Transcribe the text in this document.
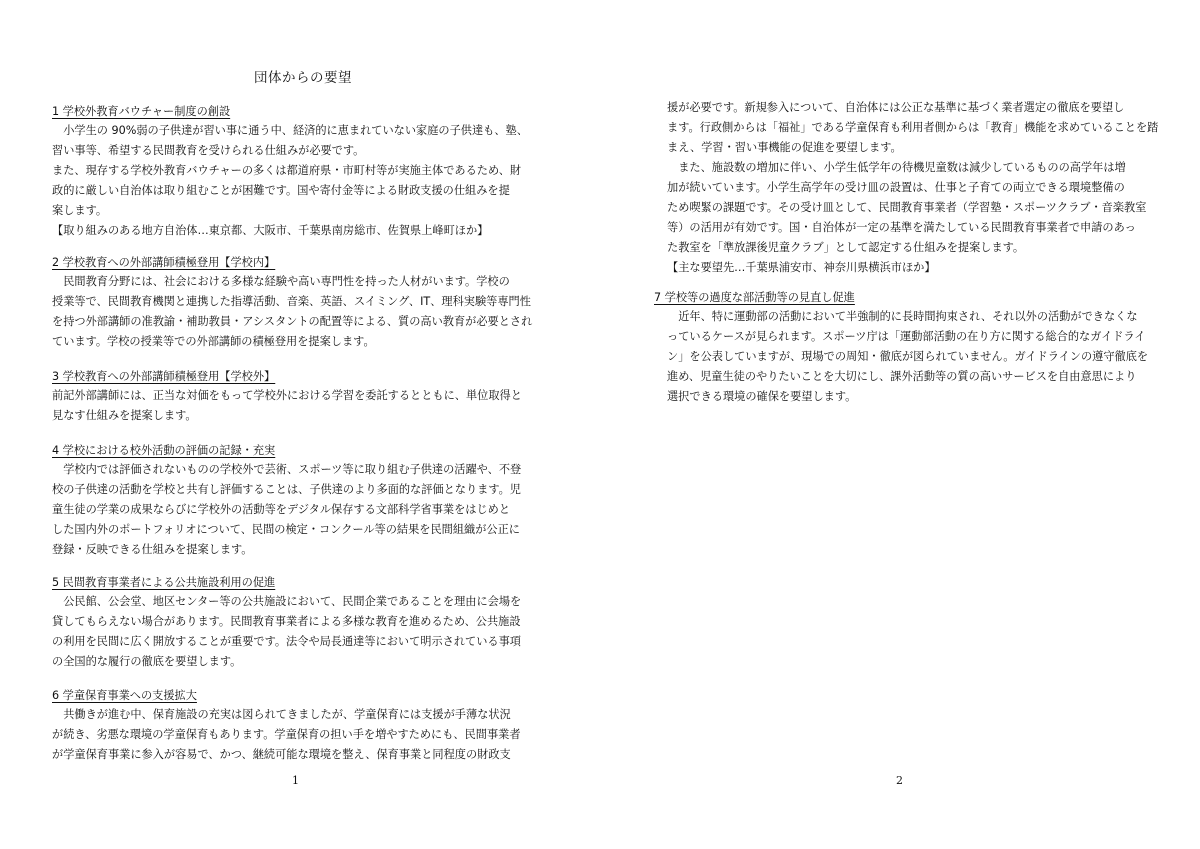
団体からの要望
1 学校外教育バウチャー制度の創設
　小学生の 90%弱の子供達が習い事に通う中、経済的に恵まれていない家庭の子供達も、塾、
習い事等、希望する民間教育を受けられる仕組みが必要です。
また、現存する学校外教育バウチャーの多くは都道府県・市町村等が実施主体であるため、財
政的に厳しい自治体は取り組むことが困難です。国や寄付金等による財政支援の仕組みを提
案します。
【取り組みのある地方自治体…東京都、大阪市、千葉県南房総市、佐賀県上峰町ほか】
2 学校教育への外部講師積極登用【学校内】
　民間教育分野には、社会における多様な経験や高い専門性を持った人材がいます。学校の
授業等で、民間教育機関と連携した指導活動、音楽、英語、スイミング、IT、理科実験等専門性
を持つ外部講師の准教諭・補助教員・アシスタントの配置等による、質の高い教育が必要とされ
ています。学校の授業等での外部講師の積極登用を提案します。
3 学校教育への外部講師積極登用【学校外】
前記外部講師には、正当な対価をもって学校外における学習を委託するとともに、単位取得と
見なす仕組みを提案します。
4 学校における校外活動の評価の記録・充実
　学校内では評価されないものの学校外で芸術、スポーツ等に取り組む子供達の活躍や、不登
校の子供達の活動を学校と共有し評価することは、子供達のより多面的な評価となります。児
童生徒の学業の成果ならびに学校外の活動等をデジタル保存する文部科学省事業をはじめと
した国内外のポートフォリオについて、民間の検定・コンクール等の結果を民間組織が公正に
登録・反映できる仕組みを提案します。
5 民間教育事業者による公共施設利用の促進
　公民館、公会堂、地区センター等の公共施設において、民間企業であることを理由に会場を
貸してもらえない場合があります。民間教育事業者による多様な教育を進めるため、公共施設
の利用を民間に広く開放することが重要です。法令や局長通達等において明示されている事項
の全国的な履行の徹底を要望します。
6 学童保育事業への支援拡大
　共働きが進む中、保育施設の充実は図られてきましたが、学童保育には支援が手薄な状況
が続き、劣悪な環境の学童保育もあります。学童保育の担い手を増やすためにも、民間事業者
が学童保育事業に参入が容易で、かつ、継続可能な環境を整え、保育事業と同程度の財政支
1
援が必要です。新規参入について、自治体には公正な基準に基づく業者選定の徹底を要望し
ます。行政側からは「福祉」である学童保育も利用者側からは「教育」機能を求めていることを踏
まえ、学習・習い事機能の促進を要望します。
　また、施設数の増加に伴い、小学生低学年の待機児童数は減少しているものの高学年は増
加が続いています。小学生高学年の受け皿の設置は、仕事と子育ての両立できる環境整備の
ため喫緊の課題です。その受け皿として、民間教育事業者（学習塾・スポーツクラブ・音楽教室
等）の活用が有効です。国・自治体が一定の基準を満たしている民間教育事業者で申請のあっ
た教室を「準放課後児童クラブ」として認定する仕組みを提案します。
【主な要望先…千葉県浦安市、神奈川県横浜市ほか】
7 学校等の過度な部活動等の見直し促進
　近年、特に運動部の活動において半強制的に長時間拘束され、それ以外の活動ができなくな
っているケースが見られます。スポーツ庁は「運動部活動の在り方に関する総合的なガイドライ
ン」を公表していますが、現場での周知・徹底が図られていません。ガイドラインの遵守徹底を
進め、児童生徒のやりたいことを大切にし、課外活動等の質の高いサービスを自由意思により
選択できる環境の確保を要望します。
2
